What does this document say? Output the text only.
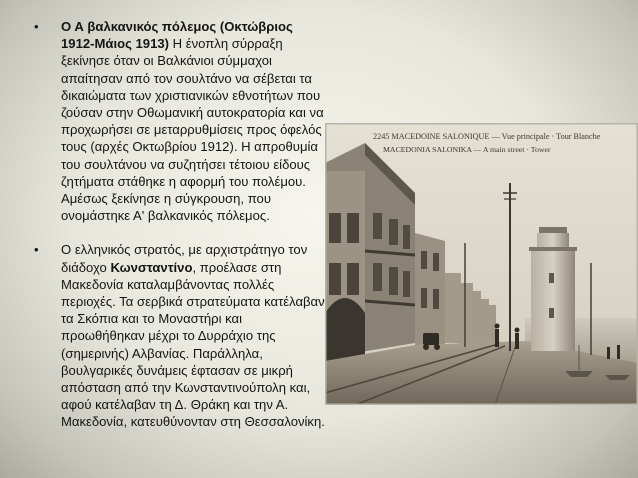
• Ο Α βαλκανικός πόλεμος (Οκτώβριος 1912-Μάιος 1913) Η ένοπλη σύρραξη ξεκίνησε όταν οι Βαλκάνιοι σύμμαχοι απαίτησαν από τον σουλτάνο να σέβεται τα δικαιώματα των χριστιανικών εθνοτήτων που ζούσαν στην Οθωμανική αυτοκρατορία και να προχωρήσει σε μεταρρυθμίσεις προς όφελός τους (αρχές Οκτωβρίου 1912). Η απροθυμία του σουλτάνου να συζητήσει τέτοιου είδους ζητήματα στάθηκε η αφορμή του πολέμου. Αμέσως ξεκίνησε η σύγκρουση, που ονομάστηκε Α' βαλκανικός πόλεμος.
• Ο ελληνικός στρατός, με αρχιστράτηγο τον διάδοχο Κωνσταντίνο, προέλασε στη Μακεδονία καταλαμβάνοντας πολλές περιοχές. Τα σερβικά στρατεύματα κατέλαβαν τα Σκόπια και το Μοναστήρι και προωθήθηκαν μέχρι το Δυρράχιο της (σημερινής) Αλβανίας. Παράλληλα, βουλγαρικές δυνάμεις έφτασαν σε μικρή απόσταση από την Κωνσταντινούπολη και, αφού κατέλαβαν τη Δ. Θράκη και την Α. Μακεδονία, κατευθύνονταν στη Θεσσαλονίκη.
2245 MACEDOINE SALONIQUE — Vue principale · Tour Blanche
MACEDONIA SALONIKA — A main street · Tower
